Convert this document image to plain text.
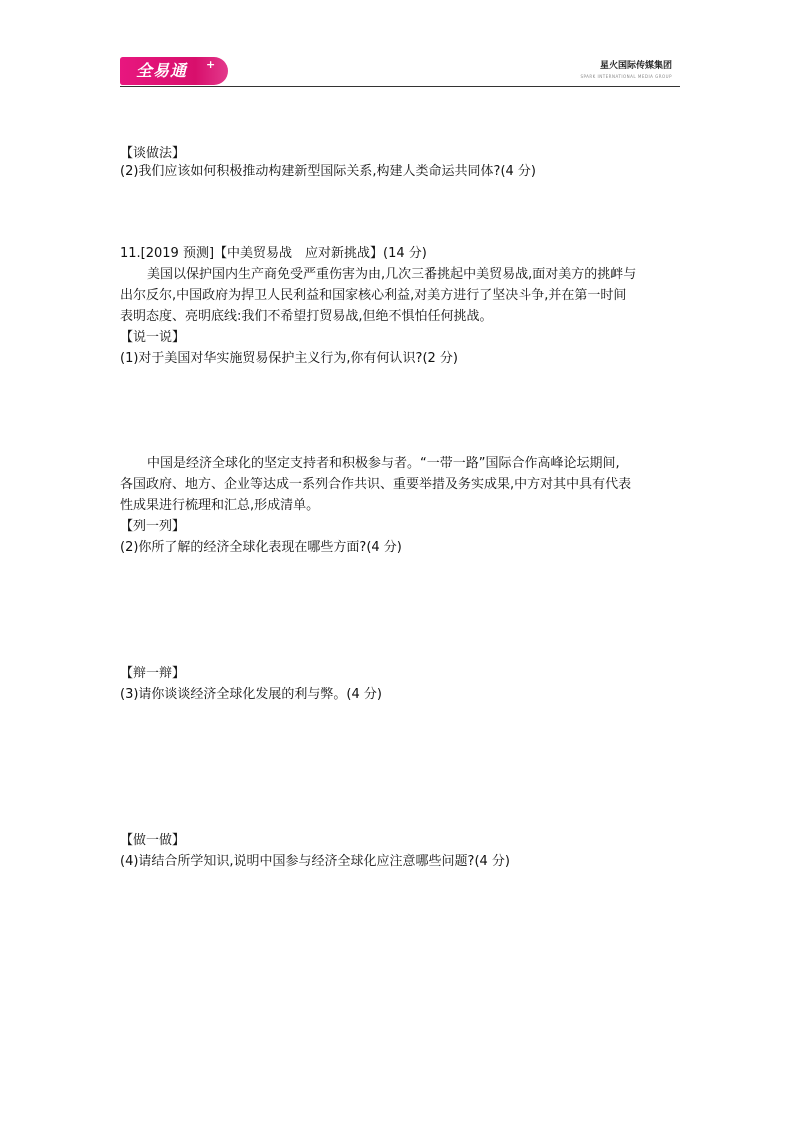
全易通 +	星火国际传媒集团
SPARK INTERNATIONAL MEDIA GROUP
【谈做法】
(2)我们应该如何积极推动构建新型国际关系,构建人类命运共同体?(4 分)
11.[2019 预测]【中美贸易战　应对新挑战】(14 分)
美国以保护国内生产商免受严重伤害为由,几次三番挑起中美贸易战,面对美方的挑衅与
出尔反尔,中国政府为捍卫人民利益和国家核心利益,对美方进行了坚决斗争,并在第一时间
表明态度、亮明底线:我们不希望打贸易战,但绝不惧怕任何挑战。
【说一说】
(1)对于美国对华实施贸易保护主义行为,你有何认识?(2 分)
中国是经济全球化的坚定支持者和积极参与者。“一带一路”国际合作高峰论坛期间,
各国政府、地方、企业等达成一系列合作共识、重要举措及务实成果,中方对其中具有代表
性成果进行梳理和汇总,形成清单。
【列一列】
(2)你所了解的经济全球化表现在哪些方面?(4 分)
【辩一辩】
(3)请你谈谈经济全球化发展的利与弊。(4 分)
【做一做】
(4)请结合所学知识,说明中国参与经济全球化应注意哪些问题?(4 分)
